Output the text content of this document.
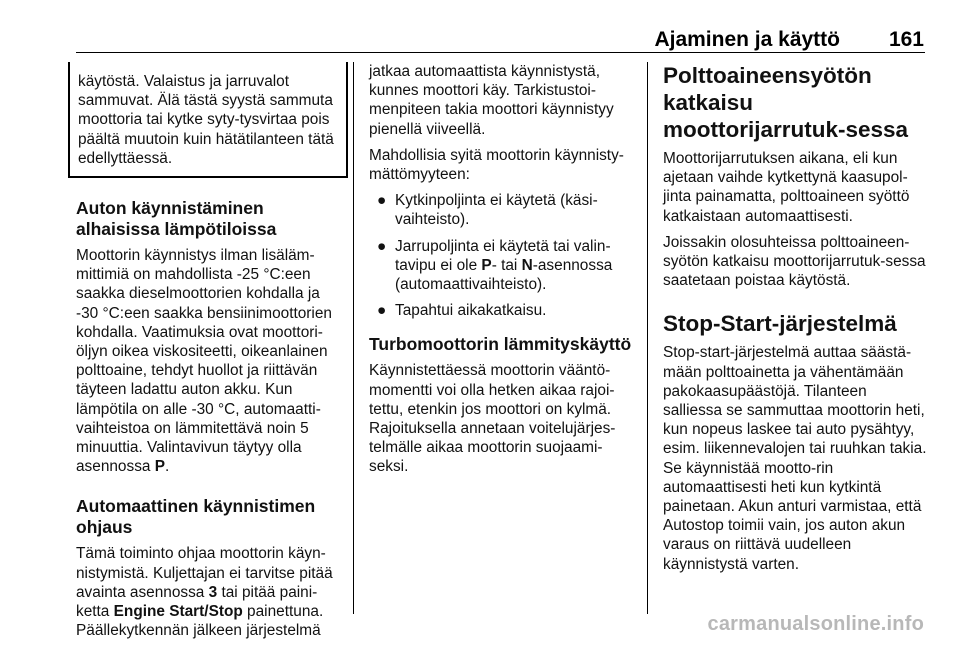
Ajaminen ja käyttö 161

käytöstä. Valaistus ja jarruvalot sammuvat. Älä tästä syystä sammuta moottoria tai kytke syty-tysvirtaa pois päältä muutoin kuin hätätilanteen tätä edellyttäessä.

Auton käynnistäminen alhaisissa lämpötiloissa

Moottorin käynnistys ilman lisäläm-mittimiä on mahdollista -25 °C:een saakka dieselmoottorien kohdalla ja -30 °C:een saakka bensiinimoottorien kohdalla. Vaatimuksia ovat moottori-öljyn oikea viskositeetti, oikeanlainen polttoaine, tehdyt huollot ja riittävän täyteen ladattu auton akku. Kun lämpötila on alle -30 °C, automaatti-vaihteistoa on lämmitettävä noin 5 minuuttia. Valintavivun täytyy olla asennossa P.

Automaattinen käynnistimen ohjaus

Tämä toiminto ohjaa moottorin käyn-nistymistä. Kuljettajan ei tarvitse pitää avainta asennossa 3 tai pitää paini-ketta Engine Start/Stop painettuna. Päällekytkennän jälkeen järjestelmä

jatkaa automaattista käynnistystä, kunnes moottori käy. Tarkistustoi-menpiteen takia moottori käynnistyy pienellä viiveellä.

Mahdollisia syitä moottorin käynnisty-mättömyyteen:

● Kytkinpoljinta ei käytetä (käsi-vaihteisto).
● Jarrupoljinta ei käytetä tai valin-tavipu ei ole P- tai N-asennossa (automaattivaihteisto).
● Tapahtui aikakatkaisu.
Turbomoottorin lämmityskäyttö

Käynnistettäessä moottorin vääntö-momentti voi olla hetken aikaa rajoi-tettu, etenkin jos moottori on kylmä. Rajoituksella annetaan voitelujärjes-telmälle aikaa moottorin suojaami-seksi.

Polttoaineensyötön katkaisu moottorijarrutuk-sessa

Moottorijarrutuksen aikana, eli kun ajetaan vaihde kytkettynä kaasupol-jinta painamatta, polttoaineen syöttö katkaistaan automaattisesti.

Joissakin olosuhteissa polttoaineen-syötön katkaisu moottorijarrutuk-sessa saatetaan poistaa käytöstä.

Stop-Start-järjestelmä

Stop-start-järjestelmä auttaa säästä-mään polttoainetta ja vähentämään pakokaasupäästöjä. Tilanteen salliessa se sammuttaa moottorin heti, kun nopeus laskee tai auto pysähtyy, esim. liikennevalojen tai ruuhkan takia. Se käynnistää mootto-rin automaattisesti heti kun kytkintä painetaan. Akun anturi varmistaa, että Autostop toimii vain, jos auton akun varaus on riittävä uudelleen käynnistystä varten.

carmanualsonline.info
